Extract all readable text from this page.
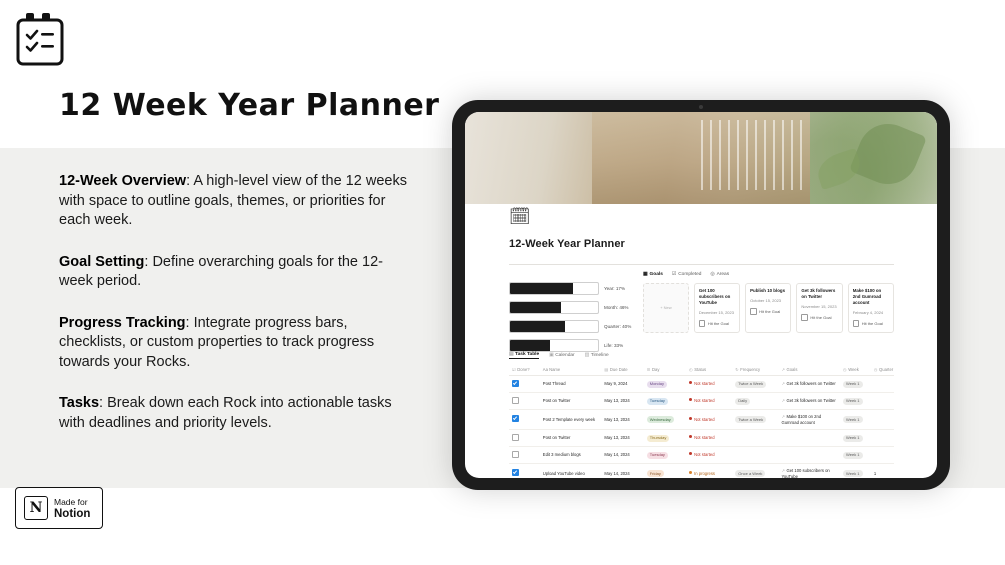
12 Week Year Planner
12-Week Overview: A high-level view of the 12 weeks with space to outline goals, themes, or priorities for each week.
Goal Setting: Define overarching goals for the 12-week period.
Progress Tracking: Integrate progress bars, checklists, or custom properties to track progress towards your Rocks.
Tasks: Break down each Rock into actionable tasks with deadlines and priority levels.
N	Made for
Notion
🗓
12-Week Year Planner
Year: 17%
Month: 46%
Quarter: 40%
Life: 33%
▦ Goals ☑ Completed ◎ Areas
+ New
Get 100 subscribers on YouTube
December 15, 2023
Hit the Goal
Publish 10 blogs
October 15, 2023
Hit the Goal
Get 3k followers on Twitter
November 15, 2023
Hit the Goal
Make $100 on 2nd Gumroad account
February 4, 2024
Hit the Goal
▤ Task Table ▣ Calendar ▥ Timeline
☑ Done?	Aa Name	▤ Due Date	☰ Day	◴ Status	↻ Frequency	↗ Goals	◷ Week	◷ Quarter
	Post Thread	May 9, 2024	Monday	Not started	Twice a Week	↗ Get 3k followers on Twitter	Week 1	
	Post on Twitter	May 13, 2024	Tuesday	Not started	Daily	↗ Get 3k followers on Twitter	Week 1	
	Post 2 Template every week	May 13, 2024	Wednesday	Not started	Twice a Week	↗ Make $100 on 2nd Gumroad account	Week 1	
	Post on Twitter	May 13, 2024	Thursday	Not started			Week 1	
	Edit 3 medium blogs	May 14, 2024	Tuesday	Not started			Week 1	
	Upload YouTube video	May 14, 2024	Friday	In progress	Once a Week	↗ Get 100 subscribers on YouTube	Week 1	1
